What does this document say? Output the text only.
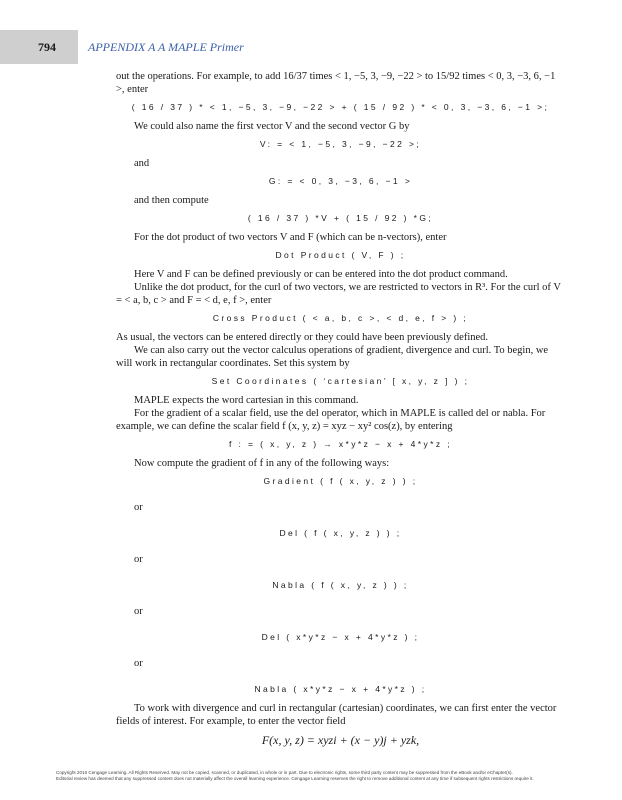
794	APPENDIX A A MAPLE Primer

out the operations. For example, to add 16/37 times < 1, −5, 3, −9, −22 > to 15/92 times < 0, 3, −3, 6, −1 >, enter

( 16 / 37 ) * < 1, −5, 3, −9, −22 > + ( 15 / 92 ) * < 0, 3, −3, 6, −1 >;

We could also name the first vector V and the second vector G by

V: = < 1, −5, 3, −9, −22 >;

and

G: = < 0, 3, −3, 6, −1 >

and then compute

( 16 / 37 ) *V + ( 15 / 92 ) *G;

For the dot product of two vectors V and F (which can be n-vectors), enter

Dot Product ( V, F ) ;

Here V and F can be defined previously or can be entered into the dot product command.

Unlike the dot product, for the curl of two vectors, we are restricted to vectors in R³. For the curl of V = < a, b, c > and F = < d, e, f >, enter

Cross Product ( < a, b, c >, < d, e, f > ) ;

As usual, the vectors can be entered directly or they could have been previously defined.

We can also carry out the vector calculus operations of gradient, divergence and curl. To begin, we will work in rectangular coordinates. Set this system by

Set Coordinates ( ‘cartesian’ [ x, y, z ] ) ;

MAPLE expects the word cartesian in this command.

For the gradient of a scalar field, use the del operator, which in MAPLE is called del or nabla. For example, we can define the scalar field f (x, y, z) = xyz − xy² cos(z), by entering

f : = ( x, y, z ) → x*y*z − x + 4*y*z ;

Now compute the gradient of f in any of the following ways:

Gradient ( f ( x, y, z ) ) ;

or

Del ( f ( x, y, z ) ) ;

or

Nabla ( f ( x, y, z ) ) ;

or

Del ( x*y*z − x + 4*y*z ) ;

or

Nabla ( x*y*z − x + 4*y*z ) ;

To work with divergence and curl in rectangular (cartesian) coordinates, we can first enter the vector fields of interest. For example, to enter the vector field

F(x, y, z) = xyzi + (x − y)j + yzk,

Copyright 2010 Cengage Learning. All Rights Reserved. May not be copied, scanned, or duplicated, in whole or in part. Due to electronic rights, some third party content may be suppressed from the eBook and/or eChapter(s).
Editorial review has deemed that any suppressed content does not materially affect the overall learning experience. Cengage Learning reserves the right to remove additional content at any time if subsequent rights restrictions require it.
